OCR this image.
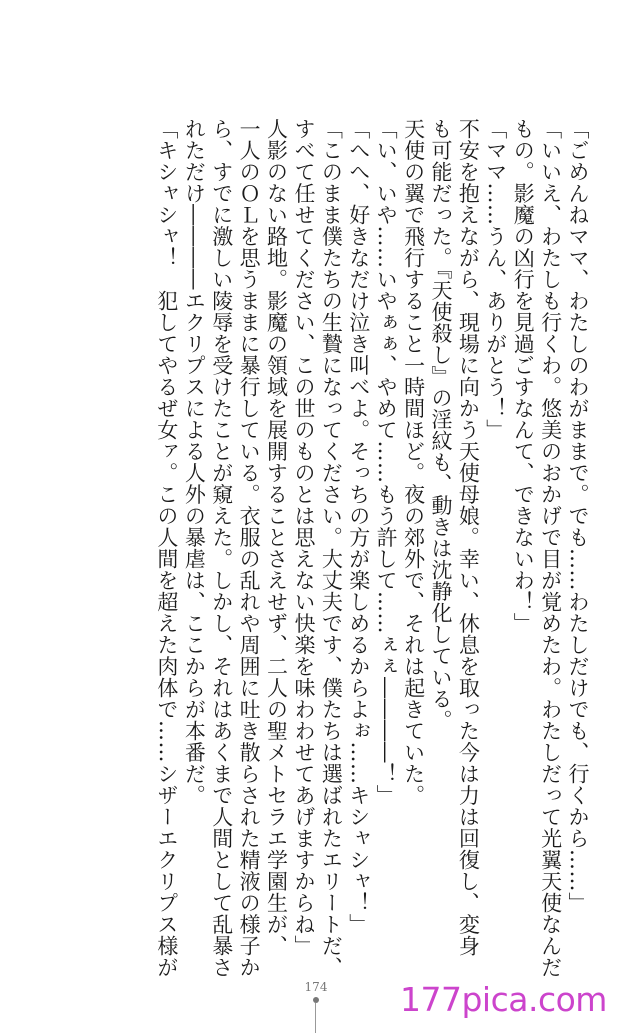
「ごめんねママ、わたしのわがままで。でも……わたしだけでも、行くから……」
「いいえ、わたしも行くわ。悠美のおかげで目が覚めたわ。わたしだって光翼天使なんだ
もの。影魔の凶行を見過ごすなんて、できないわ！」
「ママ……うん、ありがとう！」
不安を抱えながら、現場に向かう天使母娘。幸い、休息を取った今は力は回復し、変身
も可能だった。『天使殺し』の淫紋も、動きは沈静化している。
天使の翼で飛行すること一時間ほど。夜の郊外で、それは起きていた。
「い、いや……いやぁぁ、やめて……もう許して……ぇぇ――――！」
「へへ、好きなだけ泣き叫べよ。そっちの方が楽しめるからよぉ……キシャシャ！」
「このまま僕たちの生贄になってください。大丈夫です、僕たちは選ばれたエリートだ、
すべて任せてください、この世のものとは思えない快楽を味わわせてあげますからね」
人影のない路地。影魔の領域を展開することさえせず、二人の聖メトセラエ学園生が、
一人のＯＬを思うままに暴行している。衣服の乱れや周囲に吐き散らされた精液の様子か
ら、すでに激しい陵辱を受けたことが窺えた。しかし、それはあくまで人間として乱暴さ
れただけ――――エクリプスによる人外の暴虐は、ここからが本番だ。
「キシャシャ！　犯してやるぜ女ァ。この人間を超えた肉体で……シザーエクリプス様が
174 177pica.com
